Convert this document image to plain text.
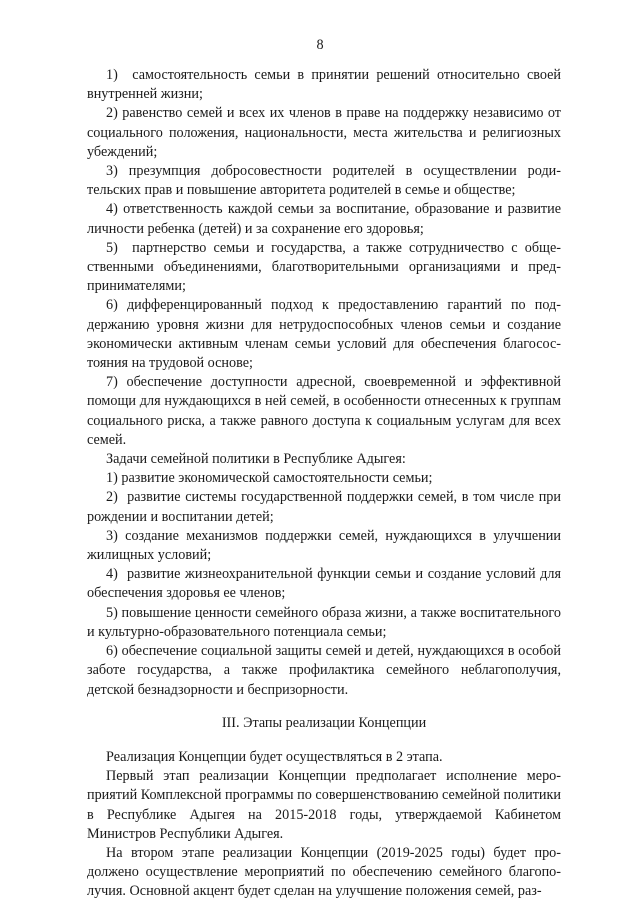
8

1)  самостоятельность семьи в принятии решений относительно своей внутренней жизни;

2) равенство семей и всех их членов в праве на поддержку независимо от социального положения, национальности, места жительства и религиозных убеждений;

3) презумпция добросовестности родителей в осуществлении родительских прав и повышение авторитета родителей в семье и обществе;

4) ответственность каждой семьи за воспитание, образование и развитие личности ребенка (детей) и за сохранение его здоровья;

5)  партнерство семьи и государства, а также сотрудничество с общественными объединениями, благотворительными организациями и предпринимателями;

6) дифференцированный подход к предоставлению гарантий по поддержанию уровня жизни для нетрудоспособных членов семьи и создание экономически активным членам семьи условий для обеспечения благосостояния на трудовой основе;

7) обеспечение доступности адресной, своевременной и эффективной помощи для нуждающихся в ней семей, в особенности отнесенных к группам социального риска, а также равного доступа к социальным услугам для всех семей.

Задачи семейной политики в Республике Адыгея:

1) развитие экономической самостоятельности семьи;

2)  развитие системы государственной поддержки семей, в том числе при рождении и воспитании детей;

3) создание механизмов поддержки семей, нуждающихся в улучшении жилищных условий;

4)  развитие жизнеохранительной функции семьи и создание условий для обеспечения здоровья ее членов;

5) повышение ценности семейного образа жизни, а также воспитательного и культурно-образовательного потенциала семьи;

6) обеспечение социальной защиты семей и детей, нуждающихся в особой заботе государства, а также профилактика семейного неблагополучия, детской безнадзорности и беспризорности.

III. Этапы реализации Концепции

Реализация Концепции будет осуществляться в 2 этапа.

Первый этап реализации Концепции предполагает исполнение мероприятий Комплексной программы по совершенствованию семейной политики в Республике Адыгея на 2015-2018 годы, утверждаемой Кабинетом Министров Республики Адыгея.

На втором этапе реализации Концепции (2019-2025 годы) будет продолжено осуществление мероприятий по обеспечению семейного благополучия. Основной акцент будет сделан на улучшение положения семей, раз-
